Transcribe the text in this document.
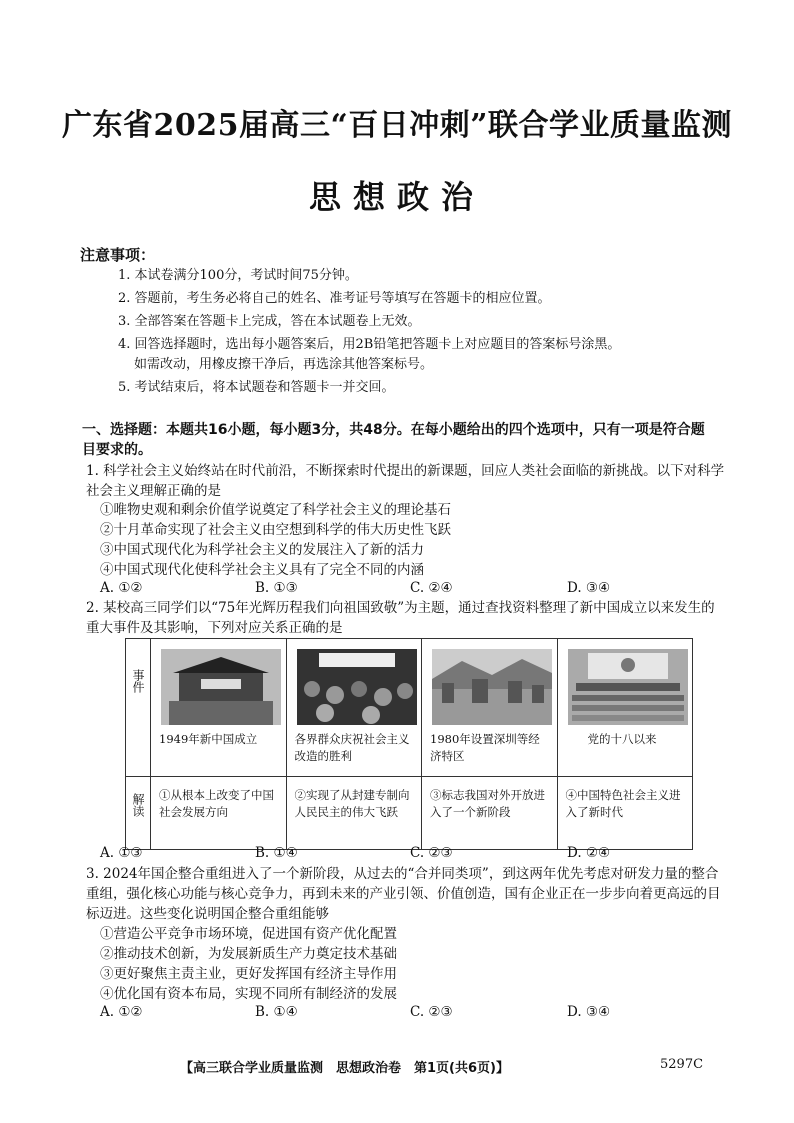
广东省2025届高三“百日冲刺”联合学业质量监测
思想政治
注意事项：
1. 本试卷满分100分，考试时间75分钟。
2. 答题前，考生务必将自己的姓名、准考证号等填写在答题卡的相应位置。
3. 全部答案在答题卡上完成，答在本试题卷上无效。
4. 回答选择题时，选出每小题答案后，用2B铅笔把答题卡上对应题目的答案标号涂黑。
如需改动，用橡皮擦干净后，再选涂其他答案标号。
5. 考试结束后，将本试题卷和答题卡一并交回。
一、选择题：本题共16小题，每小题3分，共48分。在每小题给出的四个选项中，只有一项是符合题目要求的。
1. 科学社会主义始终站在时代前沿，不断探索时代提出的新课题，回应人类社会面临的新挑战。以下对科学社会主义理解正确的是
①唯物史观和剩余价值学说奠定了科学社会主义的理论基石
②十月革命实现了社会主义由空想到科学的伟大历史性飞跃
③中国式现代化为科学社会主义的发展注入了新的活力
④中国式现代化使科学社会主义具有了完全不同的内涵
A. ①②	B. ①③	C. ②④	D. ③④
2. 某校高三同学们以“75年光辉历程我们向祖国致敬”为主题，通过查找资料整理了新中国成立以来发生的重大事件及其影响，下列对应关系正确的是
事件	1949年新中国成立	各界群众庆祝社会主义改造的胜利	1980年设置深圳等经济特区	党的十八以来

解读	①从根本上改变了中国社会发展方向	②实现了从封建专制向人民民主的伟大飞跃	③标志我国对外开放进入了一个新阶段	④中国特色社会主义进入了新时代
A. ①③	B. ①④	C. ②③	D. ②④
3. 2024年国企整合重组进入了一个新阶段，从过去的“合并同类项”，到这两年优先考虑对研发力量的整合重组，强化核心功能与核心竞争力，再到未来的产业引领、价值创造，国有企业正在一步步向着更高远的目标迈进。这些变化说明国企整合重组能够
①营造公平竞争市场环境，促进国有资产优化配置
②推动技术创新，为发展新质生产力奠定技术基础
③更好聚焦主责主业，更好发挥国有经济主导作用
④优化国有资本布局，实现不同所有制经济的发展
A. ①②	B. ①④	C. ②③	D. ③④
【高三联合学业质量监测　思想政治卷　第1页(共6页)】	5297C
